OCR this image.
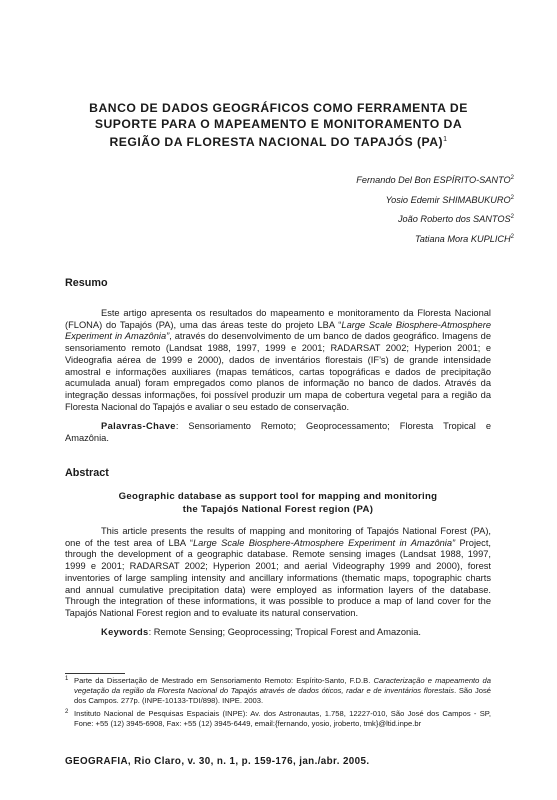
BANCO DE DADOS GEOGRÁFICOS COMO FERRAMENTA DE
SUPORTE PARA O MAPEAMENTO E MONITORAMENTO DA
REGIÃO DA FLORESTA NACIONAL DO TAPAJÓS (PA)$^1$
Fernando Del Bon ESPÍRITO-SANTO$^2$
Yosio Edemir SHIMABUKURO$^2$
João Roberto dos SANTOS$^2$
Tatiana Mora KUPLICH$^2$
Resumo

Este artigo apresenta os resultados do mapeamento e monitoramento da Floresta Nacional (FLONA) do Tapajós (PA), uma das áreas teste do projeto LBA “Large Scale Biosphere-Atmosphere Experiment in Amazônia”, através do desenvolvimento de um banco de dados geográfico. Imagens de sensoriamento remoto (Landsat 1988, 1997, 1999 e 2001; RADARSAT 2002; Hyperion 2001; e Videografia aérea de 1999 e 2000), dados de inventários florestais (IF’s) de grande intensidade amostral e informações auxiliares (mapas temáticos, cartas topográficas e dados de precipitação acumulada anual) foram empregados como planos de informação no banco de dados. Através da integração dessas informações, foi possível produzir um mapa de cobertura vegetal para a região da Floresta Nacional do Tapajós e avaliar o seu estado de conservação.

Palavras-Chave: Sensoriamento Remoto; Geoprocessamento; Floresta Tropical e Amazônia.

Abstract
Geographic database as support tool for mapping and monitoring
the Tapajós National Forest region (PA)

This article presents the results of mapping and monitoring of Tapajós National Forest (PA), one of the test area of LBA “Large Scale Biosphere-Atmosphere Experiment in Amazônia” Project, through the development of a geographic database. Remote sensing images (Landsat 1988, 1997, 1999 e 2001; RADARSAT 2002; Hyperion 2001; and aerial Videography 1999 and 2000), forest inventories of large sampling intensity and ancillary informations (thematic maps, topographic charts and annual cumulative precipitation data) were employed as information layers of the database. Through the integration of these informations, it was possible to produce a map of land cover for the Tapajós National Forest region and to evaluate its natural conservation.

Keywords: Remote Sensing; Geoprocessing; Tropical Forest and Amazonia.

1 Parte da Dissertação de Mestrado em Sensoriamento Remoto: Espírito-Santo, F.D.B. Caracterização e mapeamento da vegetação da região da Floresta Nacional do Tapajós através de dados óticos, radar e de inventários florestais. São José dos Campos. 277p. (INPE-10133-TDI/898). INPE. 2003.

2 Instituto Nacional de Pesquisas Espaciais (INPE): Av. dos Astronautas, 1.758, 12227-010, São José dos Campos - SP, Fone: +55 (12) 3945-6908, Fax: +55 (12) 3945-6449, email:{fernando, yosio, jroberto, tmk}@ltid.inpe.br

GEOGRAFIA, Rio Claro, v. 30, n. 1, p. 159-176, jan./abr. 2005.
